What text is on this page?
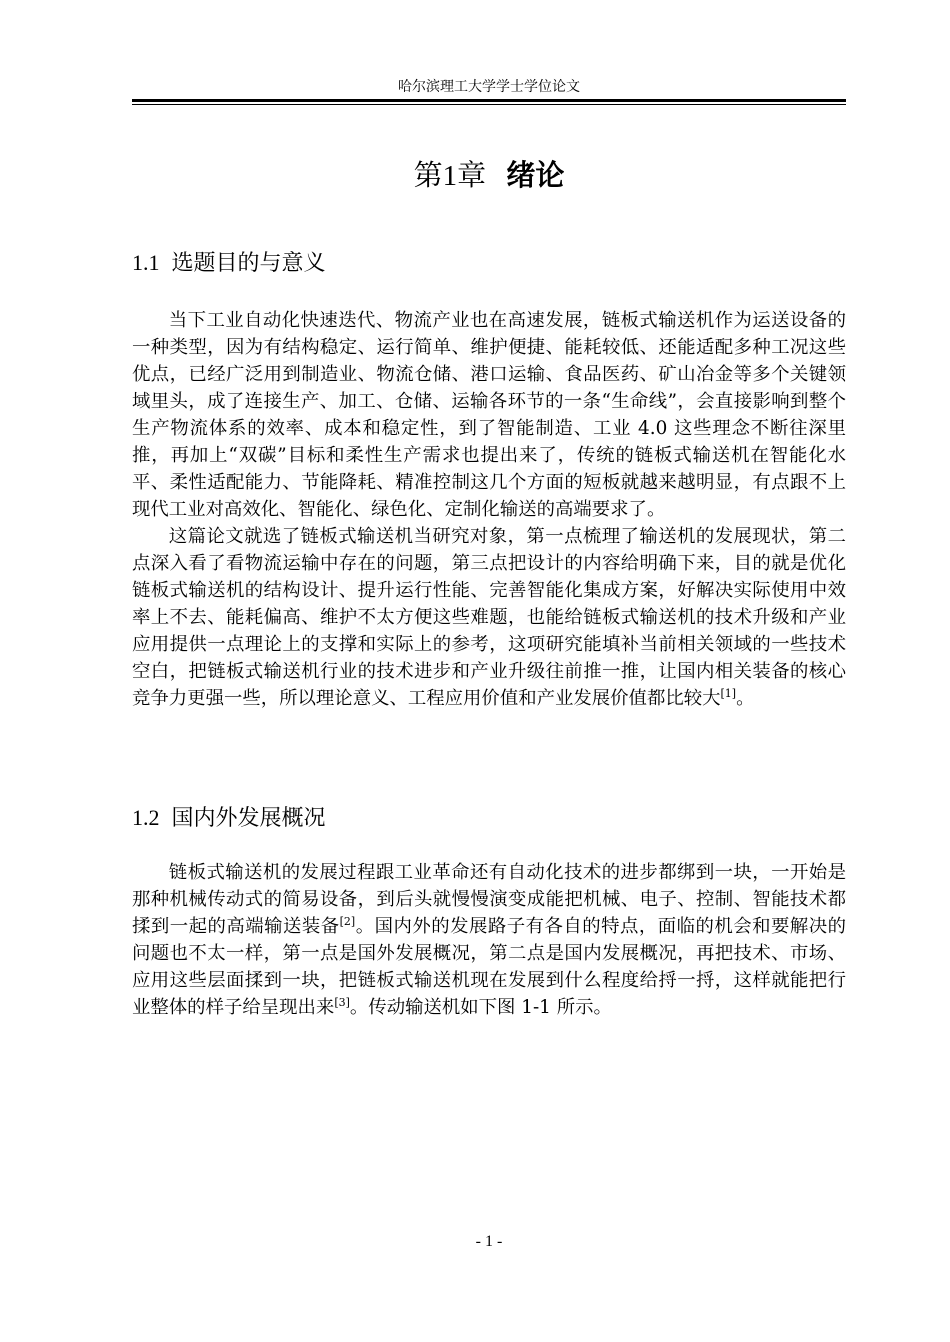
哈尔滨理工大学学士学位论文
第1章 绪论
1.1 选题目的与意义

当下工业自动化快速迭代、物流产业也在高速发展，链板式输送机作为运送设备的一种类型，因为有结构稳定、运行简单、维护便捷、能耗较低、还能适配多种工况这些优点，已经广泛用到制造业、物流仓储、港口运输、食品医药、矿山冶金等多个关键领域里头，成了连接生产、加工、仓储、运输各环节的一条“生命线”，会直接影响到整个生产物流体系的效率、成本和稳定性，到了智能制造、工业 4.0 这些理念不断往深里推，再加上“双碳”目标和柔性生产需求也提出来了，传统的链板式输送机在智能化水平、柔性适配能力、节能降耗、精准控制这几个方面的短板就越来越明显，有点跟不上现代工业对高效化、智能化、绿色化、定制化输送的高端要求了。

这篇论文就选了链板式输送机当研究对象，第一点梳理了输送机的发展现状，第二点深入看了看物流运输中存在的问题，第三点把设计的内容给明确下来，目的就是优化链板式输送机的结构设计、提升运行性能、完善智能化集成方案，好解决实际使用中效率上不去、能耗偏高、维护不太方便这些难题，也能给链板式输送机的技术升级和产业应用提供一点理论上的支撑和实际上的参考，这项研究能填补当前相关领域的一些技术空白，把链板式输送机行业的技术进步和产业升级往前推一推，让国内相关装备的核心竞争力更强一些，所以理论意义、工程应用价值和产业发展价值都比较大[1]。

1.2 国内外发展概况

链板式输送机的发展过程跟工业革命还有自动化技术的进步都绑到一块，一开始是那种机械传动式的简易设备，到后头就慢慢演变成能把机械、电子、控制、智能技术都揉到一起的高端输送装备[2]。国内外的发展路子有各自的特点，面临的机会和要解决的问题也不太一样，第一点是国外发展概况，第二点是国内发展概况，再把技术、市场、应用这些层面揉到一块，把链板式输送机现在发展到什么程度给捋一捋，这样就能把行业整体的样子给呈现出来[3]。传动输送机如下图 1-1 所示。

- 1 -
